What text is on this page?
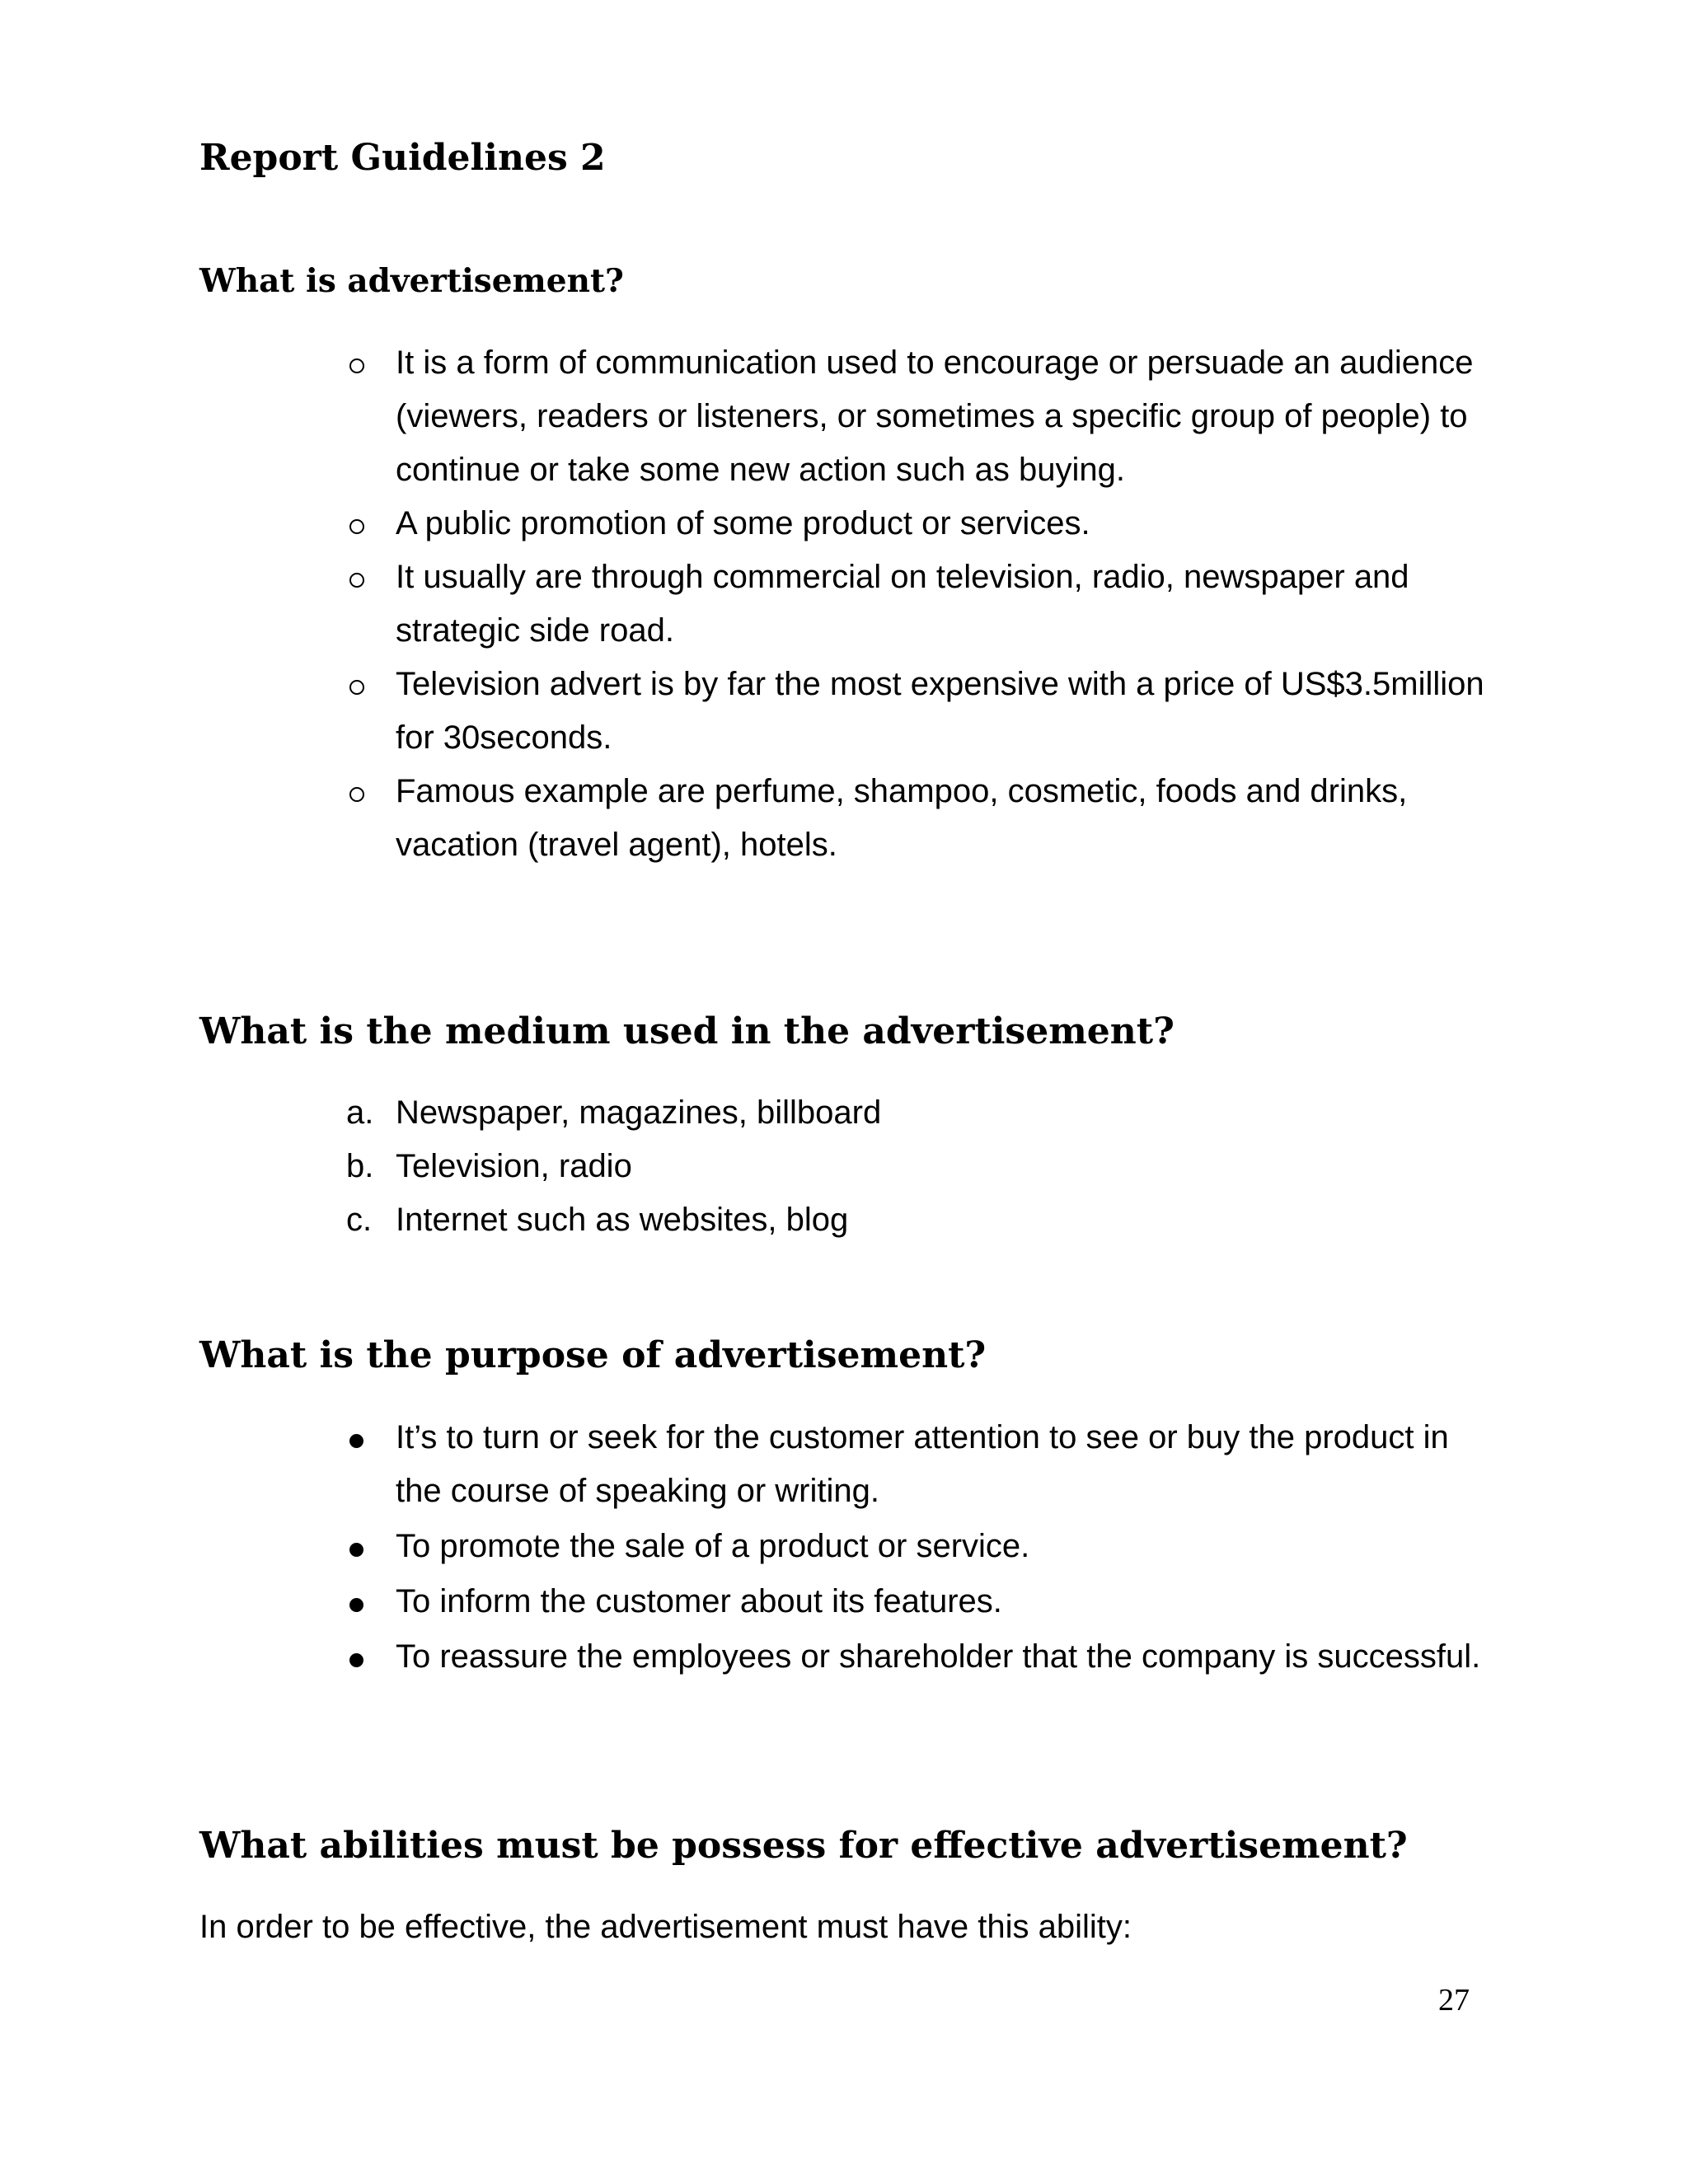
Report Guidelines 2
What is advertisement?
It is a form of communication used to encourage or persuade an audience (viewers, readers or listeners, or sometimes a specific group of people) to continue or take some new action such as buying.
A public promotion of some product or services.
It usually are through commercial on television, radio, newspaper and strategic side road.
Television advert is by far the most expensive with a price of US$3.5million for 30seconds.
Famous example are perfume, shampoo, cosmetic, foods and drinks, vacation (travel agent), hotels.
What is the medium used in the advertisement?
a. Newspaper, magazines, billboard
b. Television, radio
c. Internet such as websites, blog
What is the purpose of advertisement?
It’s to turn or seek for the customer attention to see or buy the product in the course of speaking or writing.
To promote the sale of a product or service.
To inform the customer about its features.
To reassure the employees or shareholder that the company is successful.
What abilities must be possess for effective advertisement?
In order to be effective, the advertisement must have this ability:
27
